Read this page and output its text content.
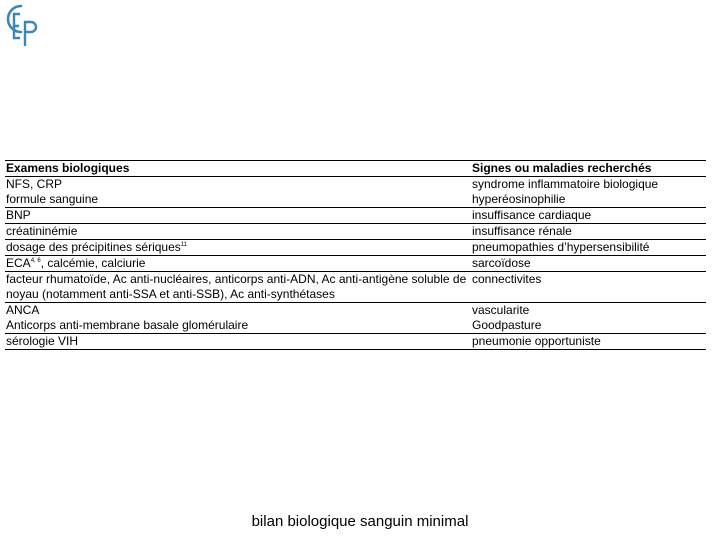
Examens biologiques	Signes ou maladies recherchés
NFS, CRP	syndrome inflammatoire biologique
formule sanguine	hyperéosinophilie
BNP	insuffisance cardiaque
créatininémie	insuffisance rénale
dosage des précipitines sériques$^{11}$	pneumopathies d’hypersensibilité
ECA$^{4, 6}$, calcémie, calciurie	sarcoïdose
facteur rhumatoïde, Ac anti-nucléaires, anticorps anti-ADN, Ac anti-antigène soluble de noyau (notamment anti-SSA et anti-SSB), Ac anti-synthétases	connectivites
ANCA	vascularite
Anticorps anti-membrane basale glomérulaire	Goodpasture
sérologie VIH	pneumonie opportuniste
bilan biologique sanguin minimal
